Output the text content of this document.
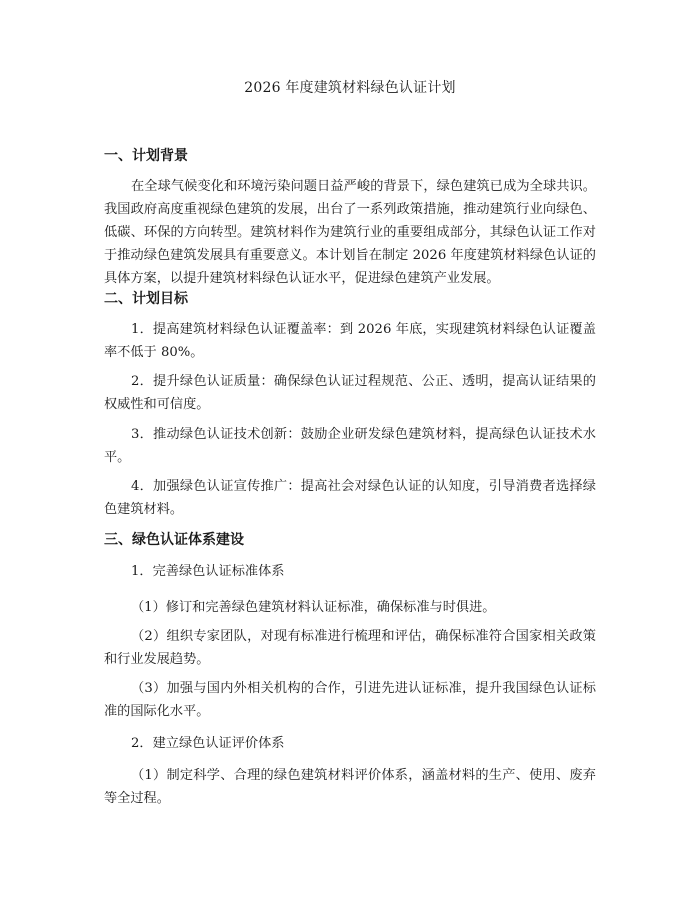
2026 年度建筑材料绿色认证计划
一、计划背景

在全球气候变化和环境污染问题日益严峻的背景下，绿色建筑已成为全球共识。我国政府高度重视绿色建筑的发展，出台了一系列政策措施，推动建筑行业向绿色、低碳、环保的方向转型。建筑材料作为建筑行业的重要组成部分，其绿色认证工作对于推动绿色建筑发展具有重要意义。本计划旨在制定 2026 年度建筑材料绿色认证的具体方案，以提升建筑材料绿色认证水平，促进绿色建筑产业发展。

二、计划目标

1．提高建筑材料绿色认证覆盖率：到 2026 年底，实现建筑材料绿色认证覆盖率不低于 80%。

2．提升绿色认证质量：确保绿色认证过程规范、公正、透明，提高认证结果的权威性和可信度。

3．推动绿色认证技术创新：鼓励企业研发绿色建筑材料，提高绿色认证技术水平。

4．加强绿色认证宣传推广：提高社会对绿色认证的认知度，引导消费者选择绿色建筑材料。

三、绿色认证体系建设

1．完善绿色认证标准体系

（1）修订和完善绿色建筑材料认证标准，确保标准与时俱进。

（2）组织专家团队，对现有标准进行梳理和评估，确保标准符合国家相关政策和行业发展趋势。

（3）加强与国内外相关机构的合作，引进先进认证标准，提升我国绿色认证标准的国际化水平。

2．建立绿色认证评价体系

（1）制定科学、合理的绿色建筑材料评价体系，涵盖材料的生产、使用、废弃等全过程。
